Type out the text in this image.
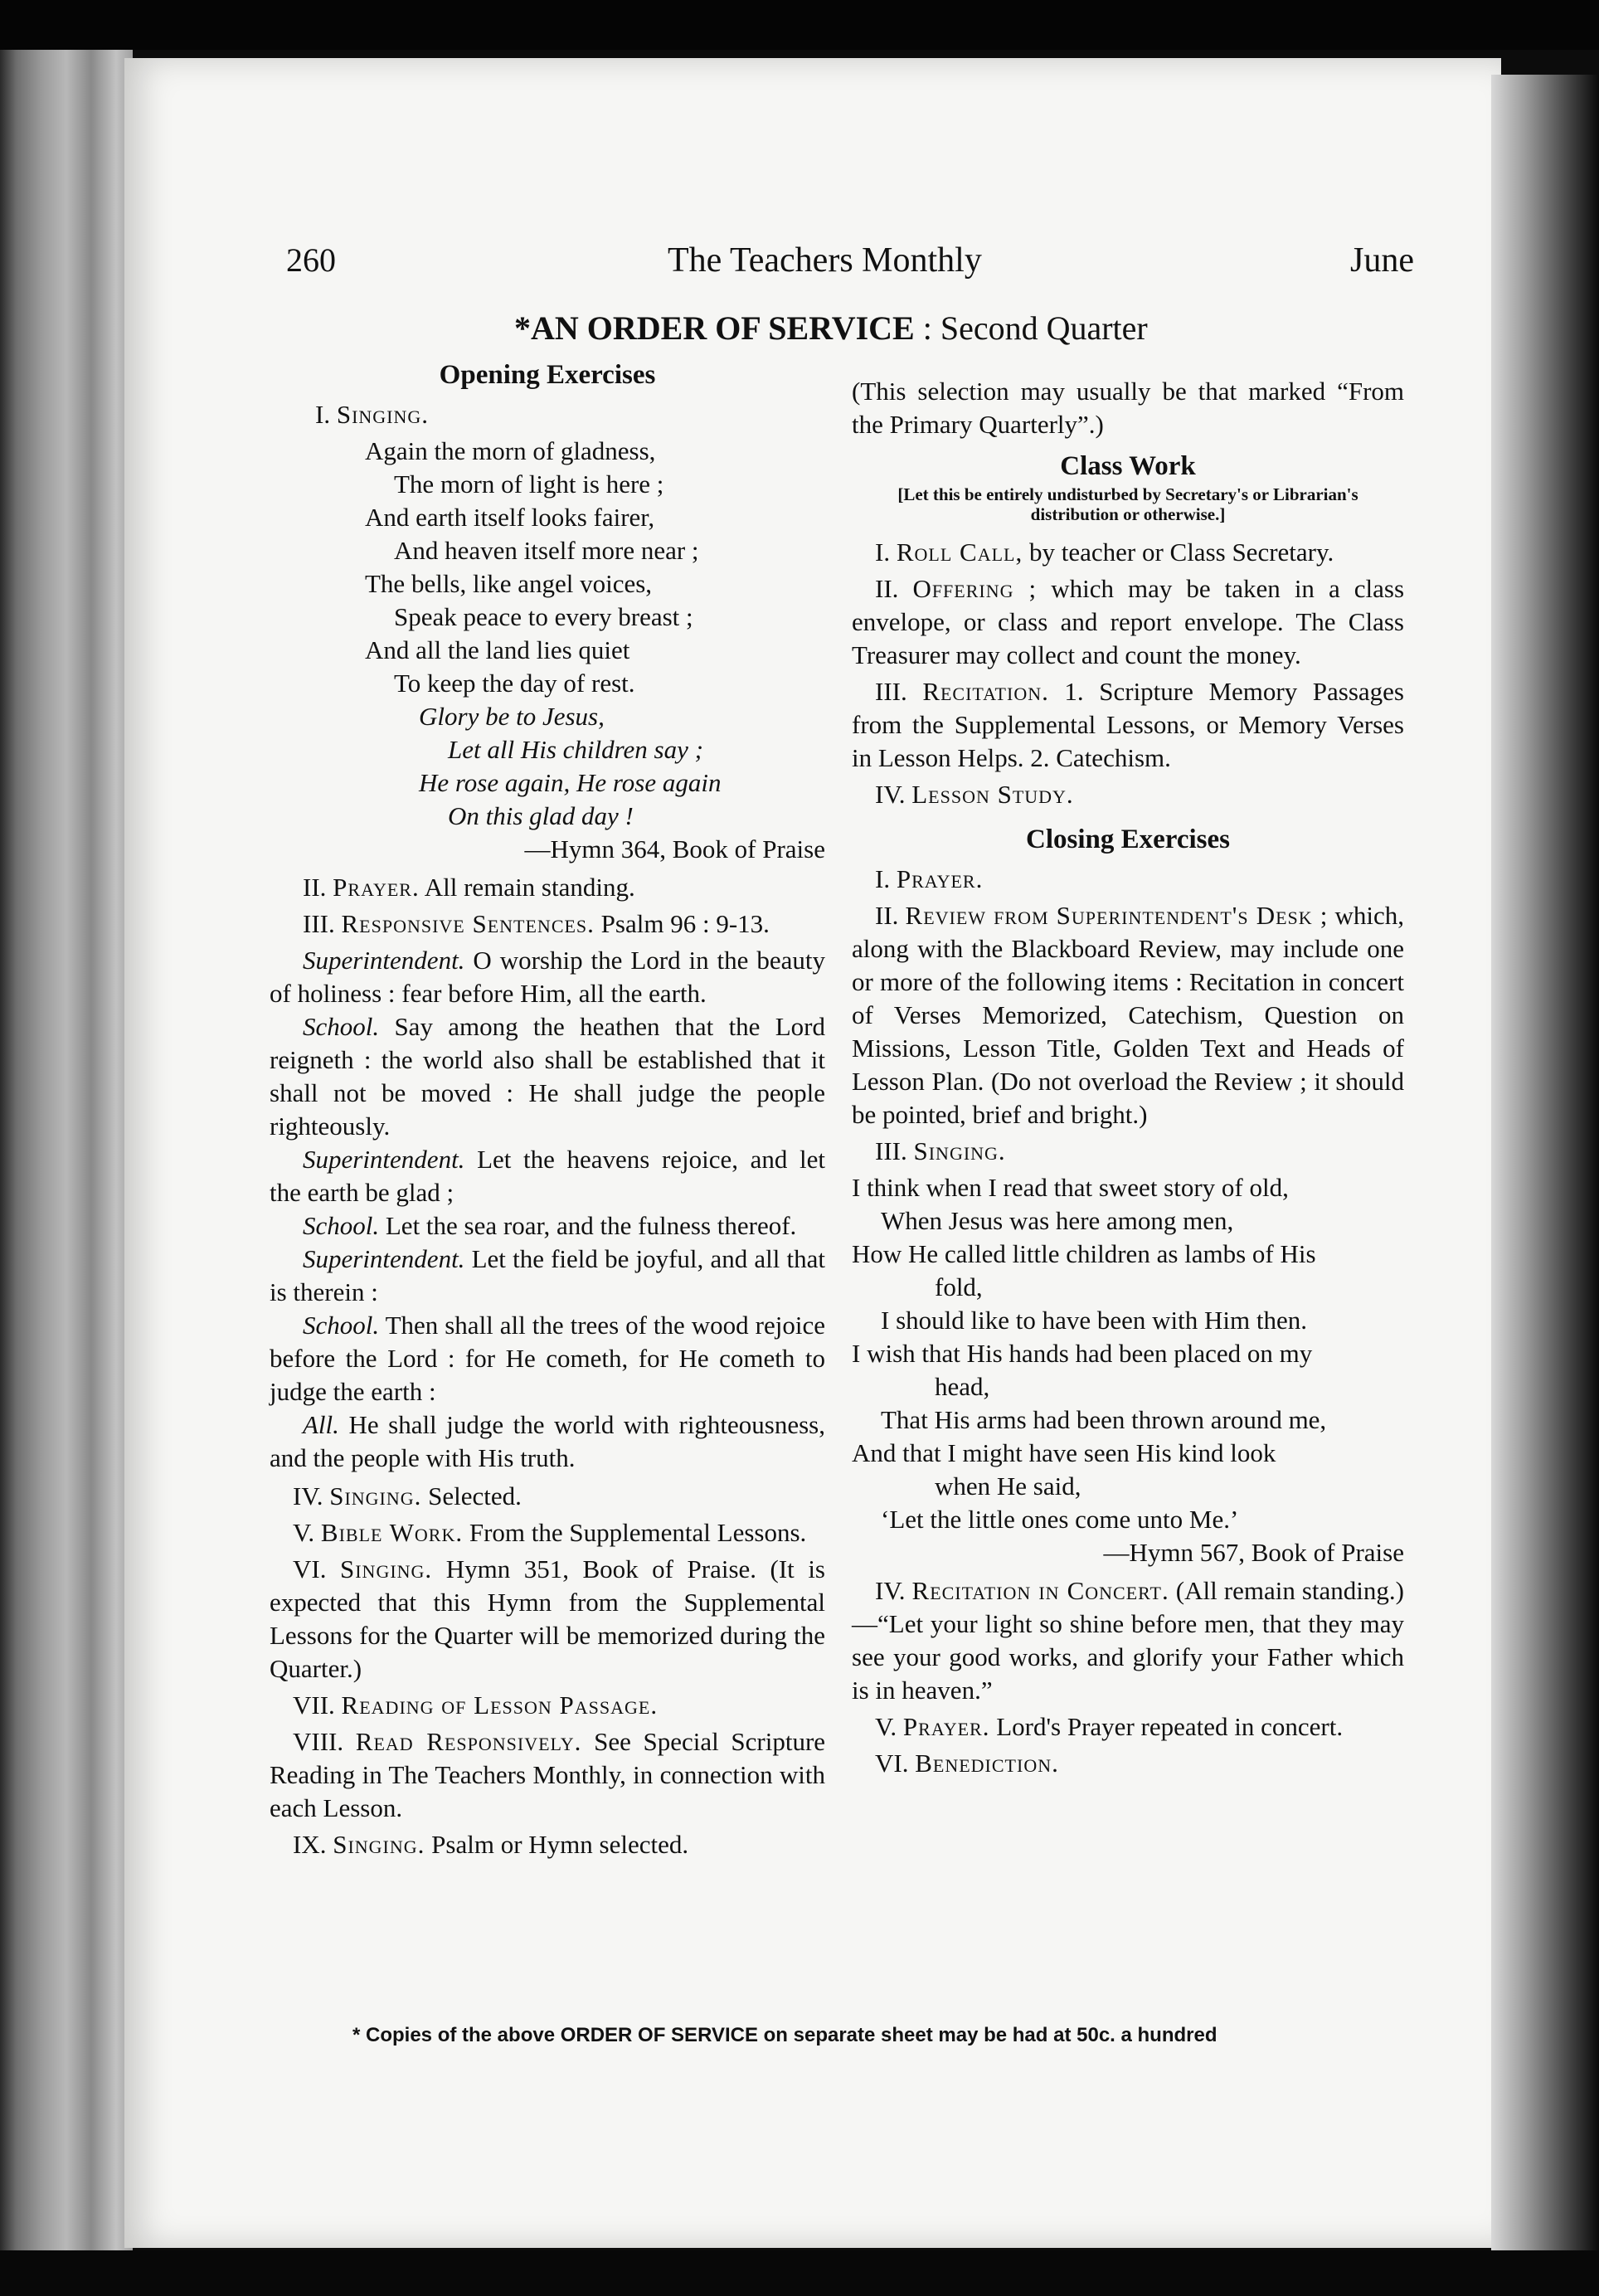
260	The Teachers Monthly	June
*AN ORDER OF SERVICE : Second Quarter

Opening Exercises

I. Singing.

Again the morn of gladness,

The morn of light is here ;

And earth itself looks fairer,

And heaven itself more near ;

The bells, like angel voices,

Speak peace to every breast ;

And all the land lies quiet

To keep the day of rest.

Glory be to Jesus,

Let all His children say ;

He rose again, He rose again

On this glad day !

—Hymn 364, Book of Praise

II. Prayer. All remain standing.

III. Responsive Sentences. Psalm 96 : 9-13.

Superintendent. O worship the Lord in the beauty of holiness : fear before Him, all the earth.

School. Say among the heathen that the Lord reigneth : the world also shall be established that it shall not be moved : He shall judge the people righteously.

Superintendent. Let the heavens rejoice, and let the earth be glad ;

School. Let the sea roar, and the fulness thereof.

Superintendent. Let the field be joyful, and all that is therein :

School. Then shall all the trees of the wood rejoice before the Lord : for He cometh, for He cometh to judge the earth :

All. He shall judge the world with righteousness, and the people with His truth.

IV. Singing. Selected.

V. Bible Work. From the Supplemental Lessons.

VI. Singing. Hymn 351, Book of Praise. (It is expected that this Hymn from the Supplemental Lessons for the Quarter will be memorized during the Quarter.)

VII. Reading of Lesson Passage.

VIII. Read Responsively. See Special Scripture Reading in The Teachers Monthly, in connection with each Lesson.

IX. Singing. Psalm or Hymn selected.

(This selection may usually be that marked “From the Primary Quarterly”.)

Class Work

[Let this be entirely undisturbed by Secretary's or Librarian's distribution or otherwise.]

I. Roll Call, by teacher or Class Secretary.

II. Offering ; which may be taken in a class envelope, or class and report envelope. The Class Treasurer may collect and count the money.

III. Recitation. 1. Scripture Memory Passages from the Supplemental Lessons, or Memory Verses in Lesson Helps. 2. Catechism.

IV. Lesson Study.

Closing Exercises

I. Prayer.

II. Review from Superintendent's Desk ; which, along with the Blackboard Review, may include one or more of the following items : Recitation in concert of Verses Memorized, Catechism, Question on Missions, Lesson Title, Golden Text and Heads of Lesson Plan. (Do not overload the Review ; it should be pointed, brief and bright.)

III. Singing.

I think when I read that sweet story of old,

When Jesus was here among men,

How He called little children as lambs of His

fold,

I should like to have been with Him then.

I wish that His hands had been placed on my

head,

That His arms had been thrown around me,

And that I might have seen His kind look

when He said,

‘Let the little ones come unto Me.’

—Hymn 567, Book of Praise

IV. Recitation in Concert. (All remain standing.)—“Let your light so shine before men, that they may see your good works, and glorify your Father which is in heaven.”

V. Prayer. Lord's Prayer repeated in concert.

VI. Benediction.

* Copies of the above ORDER OF SERVICE on separate sheet may be had at 50c. a hundred
